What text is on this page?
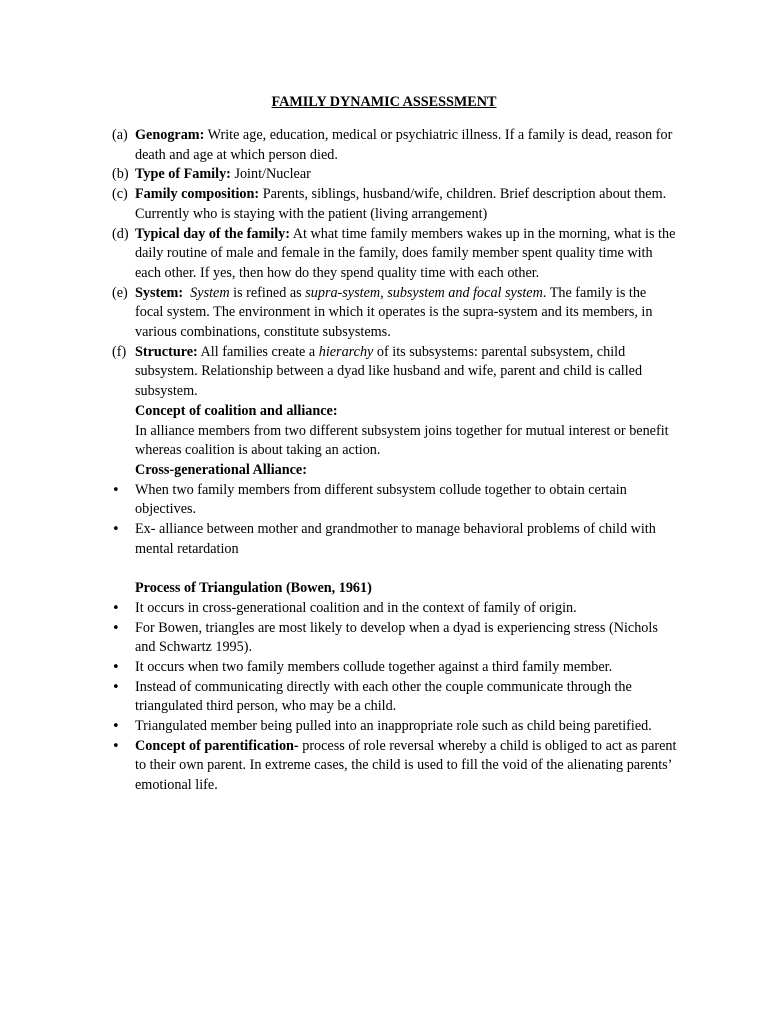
FAMILY DYNAMIC ASSESSMENT
(a) Genogram: Write age, education, medical or psychiatric illness. If a family is dead, reason for death and age at which person died.
(b) Type of Family: Joint/Nuclear
(c) Family composition: Parents, siblings, husband/wife, children. Brief description about them. Currently who is staying with the patient (living arrangement)
(d) Typical day of the family: At what time family members wakes up in the morning, what is the daily routine of male and female in the family, does family member spent quality time with each other. If yes, then how do they spend quality time with each other.
(e) System: System is refined as supra-system, subsystem and focal system. The family is the focal system. The environment in which it operates is the supra-system and its members, in various combinations, constitute subsystems.
(f) Structure: All families create a hierarchy of its subsystems: parental subsystem, child subsystem. Relationship between a dyad like husband and wife, parent and child is called subsystem.
Concept of coalition and alliance:
In alliance members from two different subsystem joins together for mutual interest or benefit whereas coalition is about taking an action.
Cross-generational Alliance:
• When two family members from different subsystem collude together to obtain certain objectives.
• Ex- alliance between mother and grandmother to manage behavioral problems of child with mental retardation
Process of Triangulation (Bowen, 1961)
• It occurs in cross-generational coalition and in the context of family of origin.
• For Bowen, triangles are most likely to develop when a dyad is experiencing stress (Nichols and Schwartz 1995).
• It occurs when two family members collude together against a third family member.
• Instead of communicating directly with each other the couple communicate through the triangulated third person, who may be a child.
• Triangulated member being pulled into an inappropriate role such as child being paretified.
• Concept of parentification- process of role reversal whereby a child is obliged to act as parent to their own parent. In extreme cases, the child is used to fill the void of the alienating parents’ emotional life.
